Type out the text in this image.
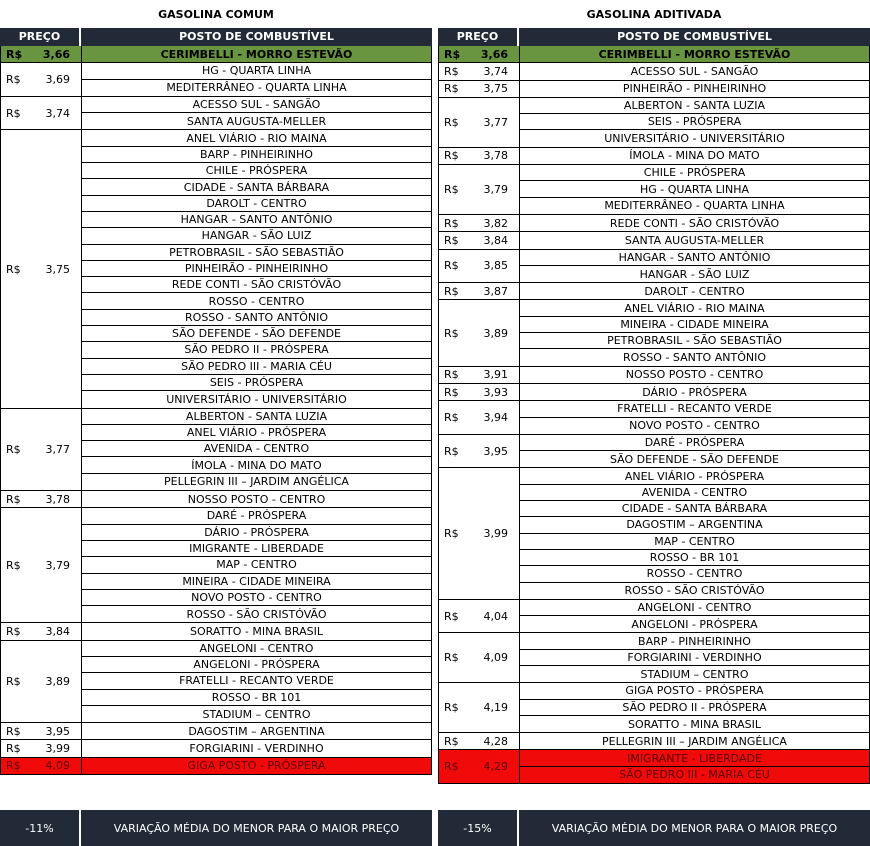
GASOLINA COMUM
PREÇO	POSTO DE COMBUSTÍVEL
R$	3,66	CERIMBELLI - MORRO ESTEVÃO
R$	3,69
HG - QUARTA LINHA
MEDITERRÂNEO - QUARTA LINHA
R$	3,74
ACESSO SUL - SANGÃO
SANTA AUGUSTA-MELLER
R$	3,75
ANEL VIÁRIO - RIO MAINA
BARP - PINHEIRINHO
CHILE - PRÓSPERA
CIDADE - SANTA BÁRBARA
DAROLT - CENTRO
HANGAR - SANTO ANTÔNIO
HANGAR - SÃO LUIZ
PETROBRASIL - SÃO SEBASTIÃO
PINHEIRÃO - PINHEIRINHO
REDE CONTI - SÃO CRISTÓVÃO
ROSSO - CENTRO
ROSSO - SANTO ANTÔNIO
SÃO DEFENDE - SÃO DEFENDE
SÃO PEDRO II - PRÓSPERA
SÃO PEDRO III - MARIA CÉU
SEIS - PRÓSPERA
UNIVERSITÁRIO - UNIVERSITÁRIO
R$	3,77
ALBERTON - SANTA LUZIA
ANEL VIÁRIO - PRÓSPERA
AVENIDA - CENTRO
ÍMOLA - MINA DO MATO
PELLEGRIN III – JARDIM ANGÉLICA
R$	3,78	NOSSO POSTO - CENTRO
R$	3,79
DARÉ - PRÓSPERA
DÁRIO - PRÓSPERA
IMIGRANTE - LIBERDADE
MAP - CENTRO
MINEIRA - CIDADE MINEIRA
NOVO POSTO - CENTRO
ROSSO - SÃO CRISTÓVÃO
R$	3,84	SORATTO - MINA BRASIL
R$	3,89
ANGELONI - CENTRO
ANGELONI - PRÓSPERA
FRATELLI - RECANTO VERDE
ROSSO - BR 101
STADIUM – CENTRO
R$	3,95	DAGOSTIM – ARGENTINA
R$	3,99	FORGIARINI - VERDINHO
R$	4,09	GIGA POSTO - PRÓSPERA
-11%	VARIAÇÃO MÉDIA DO MENOR PARA O MAIOR PREÇO
GASOLINA ADITIVADA
PREÇO	POSTO DE COMBUSTÍVEL
R$	3,66	CERIMBELLI - MORRO ESTEVÃO
R$	3,74	ACESSO SUL - SANGÃO
R$	3,75	PINHEIRÃO - PINHEIRINHO
R$	3,77
ALBERTON - SANTA LUZIA
SEIS - PRÓSPERA
UNIVERSITÁRIO - UNIVERSITÁRIO
R$	3,78	ÍMOLA - MINA DO MATO
R$	3,79
CHILE - PRÓSPERA
HG - QUARTA LINHA
MEDITERRÂNEO - QUARTA LINHA
R$	3,82	REDE CONTI - SÃO CRISTÓVÃO
R$	3,84	SANTA AUGUSTA-MELLER
R$	3,85
HANGAR - SANTO ANTÔNIO
HANGAR - SÃO LUIZ
R$	3,87	DAROLT - CENTRO
R$	3,89
ANEL VIÁRIO - RIO MAINA
MINEIRA - CIDADE MINEIRA
PETROBRASIL - SÃO SEBASTIÃO
ROSSO - SANTO ANTÔNIO
R$	3,91	NOSSO POSTO - CENTRO
R$	3,93	DÁRIO - PRÓSPERA
R$	3,94
FRATELLI - RECANTO VERDE
NOVO POSTO - CENTRO
R$	3,95
DARÉ - PRÓSPERA
SÃO DEFENDE - SÃO DEFENDE
R$	3,99
ANEL VIÁRIO - PRÓSPERA
AVENIDA - CENTRO
CIDADE - SANTA BÁRBARA
DAGOSTIM – ARGENTINA
MAP - CENTRO
ROSSO - BR 101
ROSSO - CENTRO
ROSSO - SÃO CRISTÓVÃO
R$	4,04
ANGELONI - CENTRO
ANGELONI - PRÓSPERA
R$	4,09
BARP - PINHEIRINHO
FORGIARINI - VERDINHO
STADIUM – CENTRO
R$	4,19
GIGA POSTO - PRÓSPERA
SÃO PEDRO II - PRÓSPERA
SORATTO - MINA BRASIL
R$	4,28	PELLEGRIN III – JARDIM ANGÉLICA
R$	4,29
IMIGRANTE - LIBERDADE
SÃO PEDRO III - MARIA CÉU
-15%	VARIAÇÃO MÉDIA DO MENOR PARA O MAIOR PREÇO
